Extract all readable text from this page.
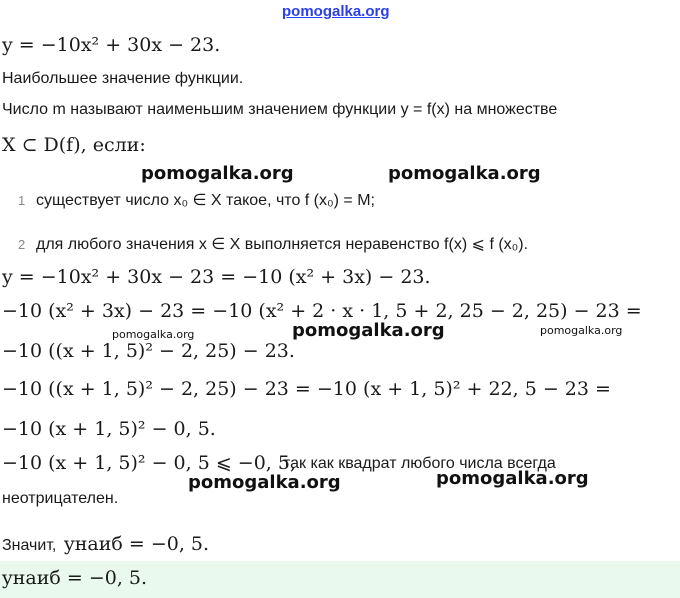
pomogalka.org
y = −10x² + 30x − 23.
Наибольшее значение функции.
Число m называют наименьшим значением функции y = f(x) на множестве
X ⊂ D(f), если:
pomogalka.org	pomogalka.org
1 существует число x₀ ∈ X такое, что f (x₀) = M;
2 для любого значения x ∈ X выполняется неравенство f(x) ⩽ f (x₀).
y = −10x² + 30x − 23 = −10 (x² + 3x) − 23.
−10 (x² + 3x) − 23 = −10 (x² + 2 · x · 1, 5 + 2, 25 − 2, 25) − 23 =
pomogalka.org	pomogalka.org	pomogalka.org
−10 ((x + 1, 5)² − 2, 25) − 23.
−10 ((x + 1, 5)² − 2, 25) − 23 = −10 (x + 1, 5)² + 22, 5 − 23 =
−10 (x + 1, 5)² − 0, 5.
−10 (x + 1, 5)² − 0, 5 ⩽ −0, 5,
так как квадрат любого числа всегда
pomogalka.org	pomogalka.org
неотрицателен.
Значит, yнаиб = −0, 5.
yнаиб = −0, 5.
